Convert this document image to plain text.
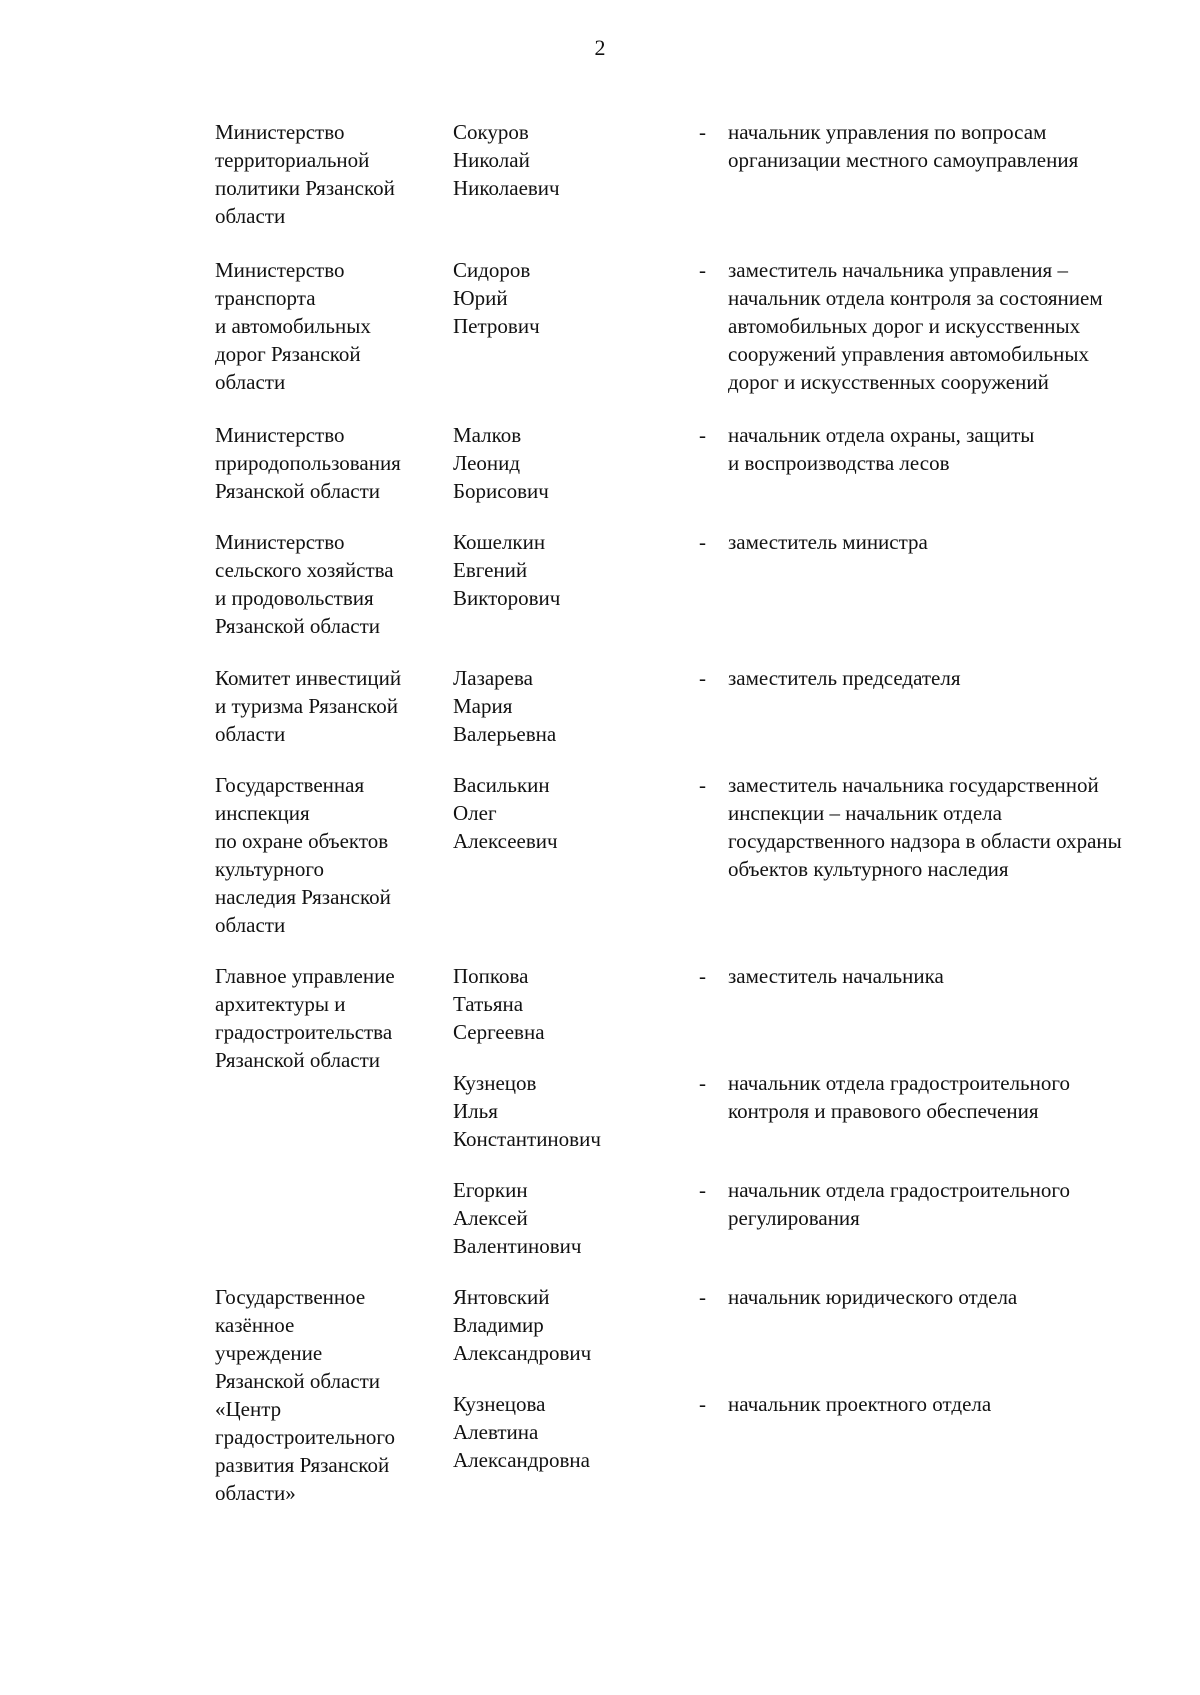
2
Министерство
территориальной
политики Рязанской
области
Сокуров
Николай
Николаевич
- начальник управления по вопросам
организации местного самоуправления
Министерство
транспорта
и автомобильных
дорог Рязанской
области
Сидоров
Юрий
Петрович
- заместитель начальника управления –
начальник отдела контроля за состоянием
автомобильных дорог и искусственных
сооружений управления автомобильных
дорог и искусственных сооружений
Министерство
природопользования
Рязанской области
Малков
Леонид
Борисович
- начальник отдела охраны, защиты
и воспроизводства лесов
Министерство
сельского хозяйства
и продовольствия
Рязанской области
Кошелкин
Евгений
Викторович
- заместитель министра
Комитет инвестиций
и туризма Рязанской
области
Лазарева
Мария
Валерьевна
- заместитель председателя
Государственная
инспекция
по охране объектов
культурного
наследия Рязанской
области
Василькин
Олег
Алексеевич
- заместитель начальника государственной
инспекции – начальник отдела
государственного надзора в области охраны
объектов культурного наследия
Главное управление
архитектуры и
градостроительства
Рязанской области
Попкова
Татьяна
Сергеевна
- заместитель начальника
Кузнецов
Илья
Константинович
- начальник отдела градостроительного
контроля и правового обеспечения
Егоркин
Алексей
Валентинович
- начальник отдела градостроительного
регулирования
Государственное
казённое
учреждение
Рязанской области
«Центр
градостроительного
развития Рязанской
области»
Янтовский
Владимир
Александрович
- начальник юридического отдела
Кузнецова
Алевтина
Александровна
- начальник проектного отдела
